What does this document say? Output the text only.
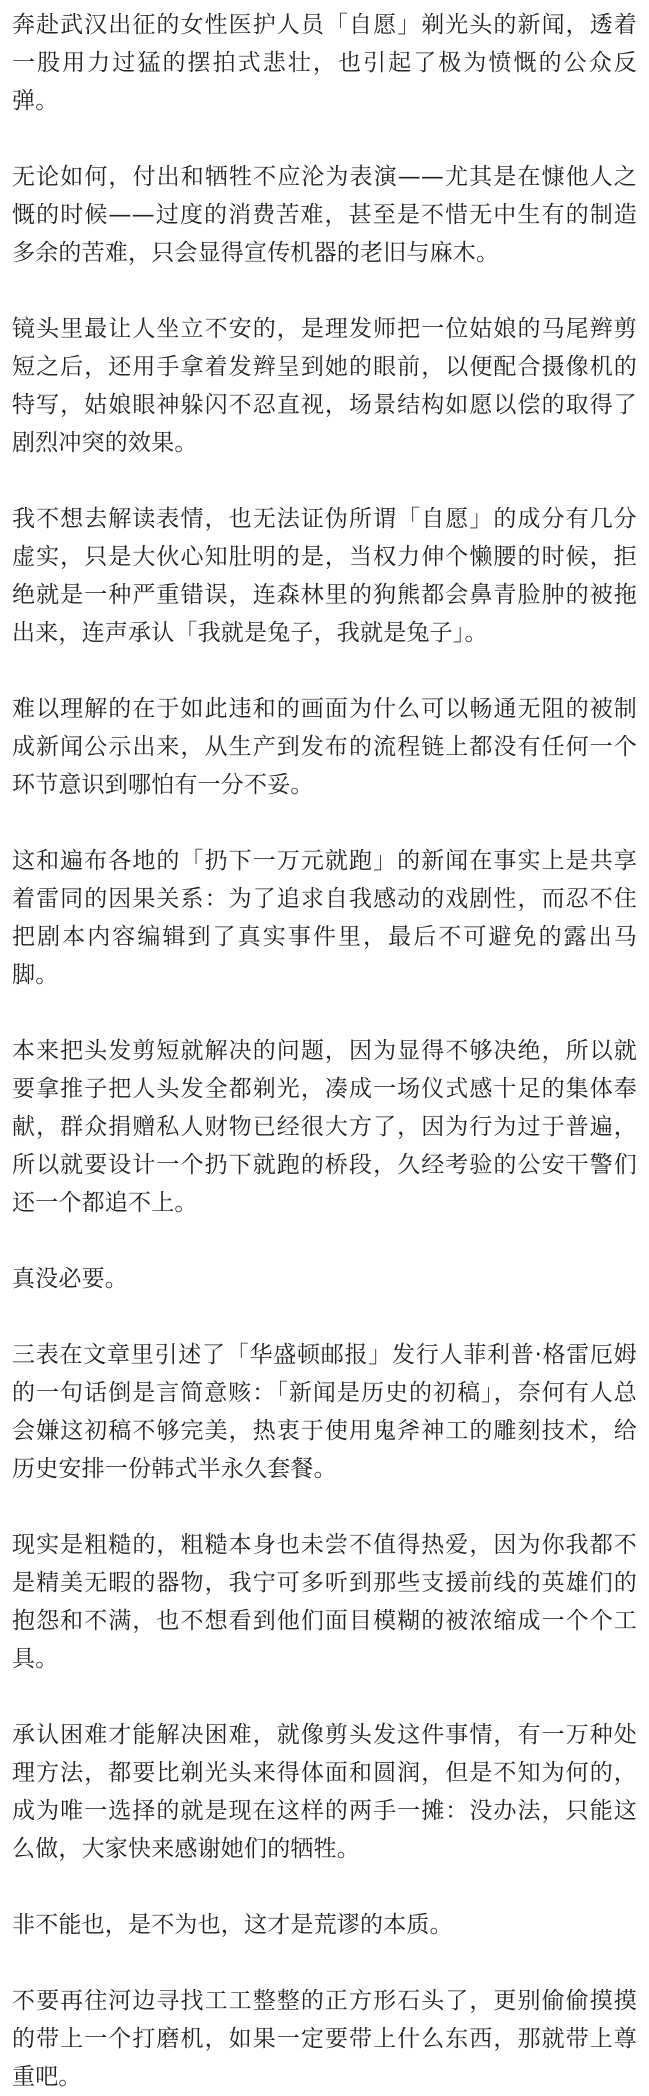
奔赴武汉出征的女性医护人员「自愿」剃光头的新闻，透着一股用力过猛的摆拍式悲壮，也引起了极为愤慨的公众反弹。

无论如何，付出和牺牲不应沦为表演——尤其是在慷他人之慨的时候——过度的消费苦难，甚至是不惜无中生有的制造多余的苦难，只会显得宣传机器的老旧与麻木。

镜头里最让人坐立不安的，是理发师把一位姑娘的马尾辫剪短之后，还用手拿着发辫呈到她的眼前，以便配合摄像机的特写，姑娘眼神躲闪不忍直视，场景结构如愿以偿的取得了剧烈冲突的效果。

我不想去解读表情，也无法证伪所谓「自愿」的成分有几分虚实，只是大伙心知肚明的是，当权力伸个懒腰的时候，拒绝就是一种严重错误，连森林里的狗熊都会鼻青脸肿的被拖出来，连声承认「我就是兔子，我就是兔子」。

难以理解的在于如此违和的画面为什么可以畅通无阻的被制成新闻公示出来，从生产到发布的流程链上都没有任何一个环节意识到哪怕有一分不妥。

这和遍布各地的「扔下一万元就跑」的新闻在事实上是共享着雷同的因果关系：为了追求自我感动的戏剧性，而忍不住把剧本内容编辑到了真实事件里，最后不可避免的露出马脚。

本来把头发剪短就解决的问题，因为显得不够决绝，所以就要拿推子把人头发全都剃光，凑成一场仪式感十足的集体奉献，群众捐赠私人财物已经很大方了，因为行为过于普遍，所以就要设计一个扔下就跑的桥段，久经考验的公安干警们还一个都追不上。

真没必要。

三表在文章里引述了「华盛顿邮报」发行人菲利普·格雷厄姆的一句话倒是言简意赅：「新闻是历史的初稿」，奈何有人总会嫌这初稿不够完美，热衷于使用鬼斧神工的雕刻技术，给历史安排一份韩式半永久套餐。

现实是粗糙的，粗糙本身也未尝不值得热爱，因为你我都不是精美无暇的器物，我宁可多听到那些支援前线的英雄们的抱怨和不满，也不想看到他们面目模糊的被浓缩成一个个工具。

承认困难才能解决困难，就像剪头发这件事情，有一万种处理方法，都要比剃光头来得体面和圆润，但是不知为何的，成为唯一选择的就是现在这样的两手一摊：没办法，只能这么做，大家快来感谢她们的牺牲。

非不能也，是不为也，这才是荒谬的本质。

不要再往河边寻找工工整整的正方形石头了，更别偷偷摸摸的带上一个打磨机，如果一定要带上什么东西，那就带上尊重吧。
